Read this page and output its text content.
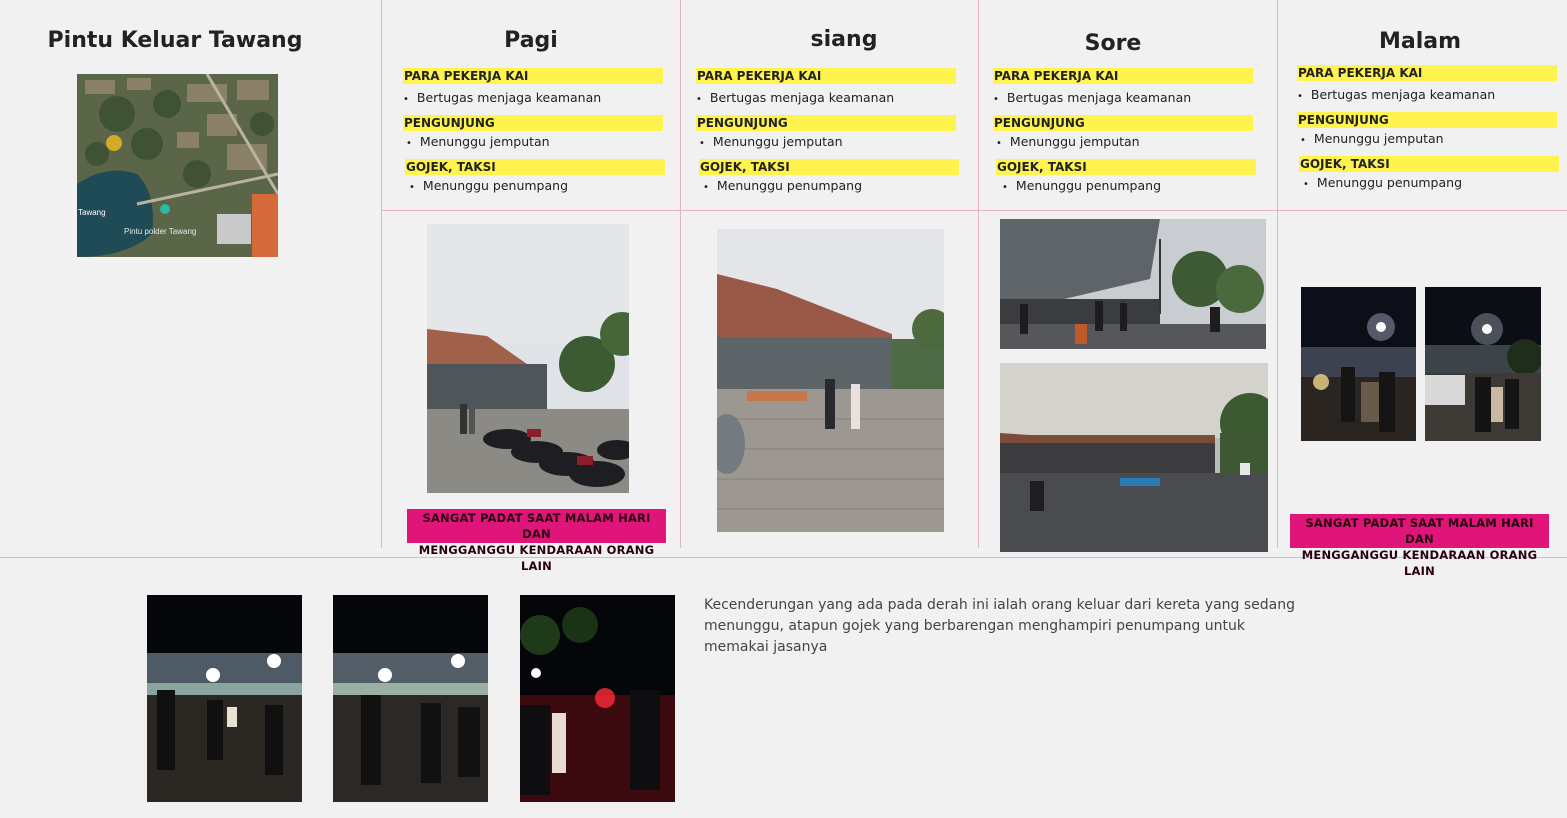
Pintu Keluar Tawang
Tawang
Pintu polder Tawang
Pagi
PARA PEKERJA KAI
• Bertugas menjaga keamanan
PENGUNJUNG
• Menunggu jemputan
GOJEK, TAKSI
• Menunggu penumpang
SANGAT PADAT SAAT MALAM HARI DAN
MENGGANGGU KENDARAAN ORANG LAIN
siang
PARA PEKERJA KAI
• Bertugas menjaga keamanan
PENGUNJUNG
• Menunggu jemputan
GOJEK, TAKSI
• Menunggu penumpang
Sore
PARA PEKERJA KAI
• Bertugas menjaga keamanan
PENGUNJUNG
• Menunggu jemputan
GOJEK, TAKSI
• Menunggu penumpang
Malam
PARA PEKERJA KAI
• Bertugas menjaga keamanan
PENGUNJUNG
• Menunggu jemputan
GOJEK, TAKSI
• Menunggu penumpang
SANGAT PADAT SAAT MALAM HARI DAN
MENGGANGGU KENDARAAN ORANG LAIN
Kecenderungan yang ada pada derah ini ialah orang keluar dari kereta yang sedang menunggu, atapun gojek yang berbarengan menghampiri penumpang untuk memakai jasanya
